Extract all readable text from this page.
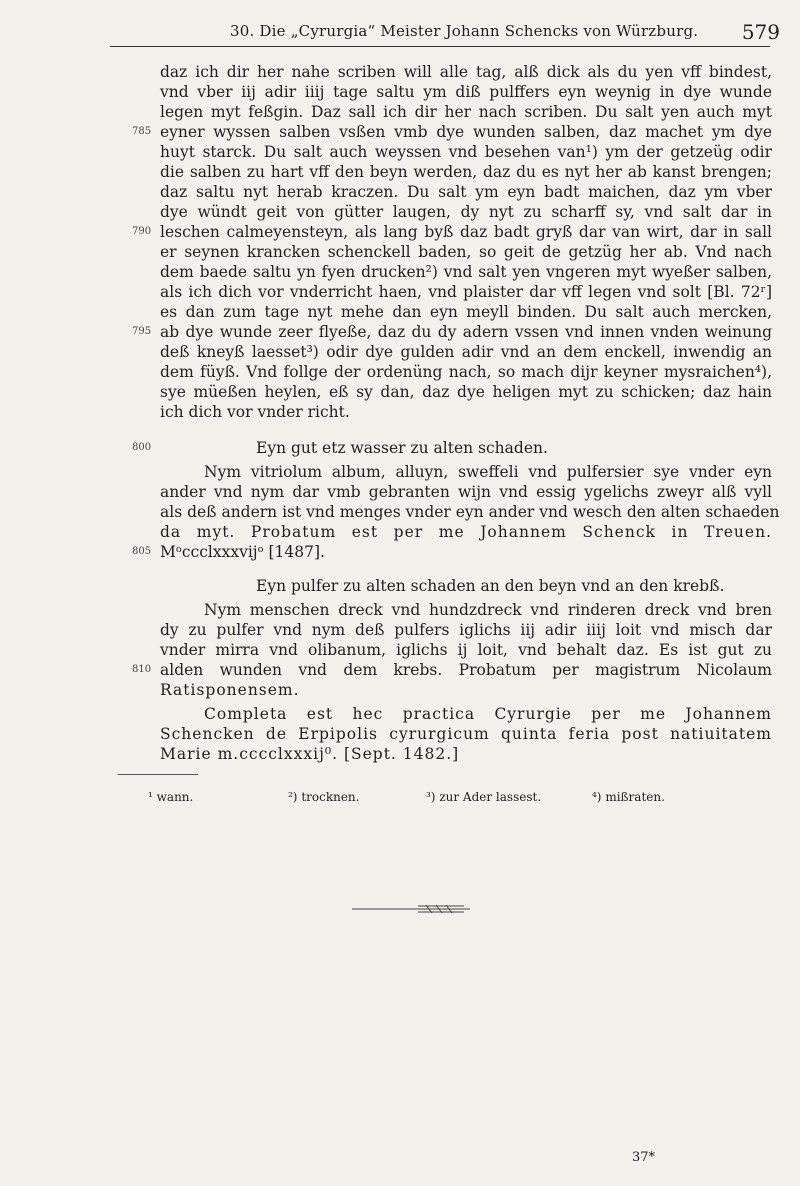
30. Die „Cyrurgia“ Meister Johann Schencks von Würzburg. 579
daz ich dir her nahe scriben will alle tag, alß dick als du yen vff bindest,
vnd vber iij adir iiij tage saltu ym diß pulffers eyn weynig in dye wunde
legen myt feßgin. Daz sall ich dir her nach scriben. Du salt yen auch myt
eyner wyssen salben vsßen vmb dye wunden salben, daz machet ym dye
huyt starck. Du salt auch weyssen vnd besehen van¹) ym der getzeüg odir
die salben zu hart vff den beyn werden, daz du es nyt her ab kanst brengen;
daz saltu nyt herab kraczen. Du salt ym eyn badt maichen, daz ym vber
dye wündt geit von gütter laugen, dy nyt zu scharff sy, vnd salt dar in
leschen calmeyensteyn, als lang byß daz badt gryß dar van wirt, dar in sall
er seynen krancken schenckell baden, so geit de getzüg her ab. Vnd nach
dem baede saltu yn fyen drucken²) vnd salt yen vngeren myt wyeßer salben,
als ich dich vor vnderricht haen, vnd plaister dar vff legen vnd solt [Bl. 72ʳ]
es dan zum tage nyt mehe dan eyn meyll binden. Du salt auch mercken,
ab dye wunde zeer flyeße, daz du dy adern vssen vnd innen vnden weinung
deß kneyß laesset³) odir dye gulden adir vnd an dem enckell, inwendig an
dem füyß. Vnd follge der ordenüng nach, so mach dijr keyner mysraichen⁴),
sye müeßen heylen, eß sy dan, daz dye heligen myt zu schicken; daz hain
ich dich vor vnder richt.
Eyn gut etz wasser zu alten schaden.
Nym vitriolum album, alluyn, sweffeli vnd pulfersier sye vnder eyn
ander vnd nym dar vmb gebranten wijn vnd essig ygelichs zweyr alß vyll
als deß andern ist vnd menges vnder eyn ander vnd wesch den alten schaeden
da myt. Probatum est per me Johannem Schenck in Treuen.
Mᵒccclxxxvijᵒ [1487].
Eyn pulfer zu alten schaden an den beyn vnd an den krebß.
Nym menschen dreck vnd hundzdreck vnd rinderen dreck vnd bren
dy zu pulfer vnd nym deß pulfers iglichs iij adir iiij loit vnd misch dar
vnder mirra vnd olibanum, iglichs ij loit, vnd behalt daz. Es ist gut zu
alden wunden vnd dem krebs. Probatum per magistrum Nicolaum
Ratisponensem.
Completa est hec practica Cyrurgie per me Johannem
Schencken de Erpipolis cyrurgicum quinta feria post natiuitatem
Marie m.cccclxxxij⁰. [Sept. 1482.]
785
790
795
800
805
810
¹ wann.	²) trocknen.	³) zur Ader lassest.	⁴) mißraten.
37*
